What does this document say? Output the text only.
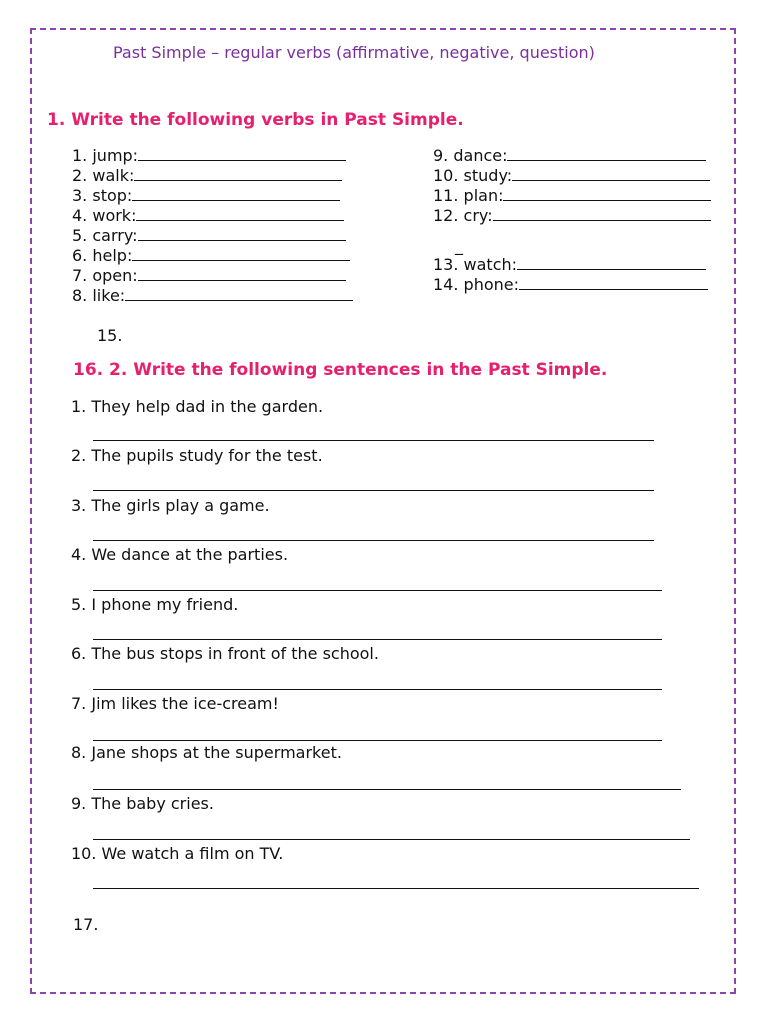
Past Simple – regular verbs (affirmative, negative, question)
1. Write the following verbs in Past Simple.
1. jump:
2. walk:
3. stop:
4. work:
5. carry:
6. help:
7. open:
8. like:
9. dance:
10. study:
11. plan:
12. cry:
_
13. watch:
14. phone:
15.
16. 2. Write the following sentences in the Past Simple.
1. They help dad in the garden.
2. The pupils study for the test.
3. The girls play a game.
4. We dance at the parties.
5. I phone my friend.
6. The bus stops in front of the school.
7. Jim likes the ice-cream!
8. Jane shops at the supermarket.
9. The baby cries.
10. We watch a film on TV.
17.
